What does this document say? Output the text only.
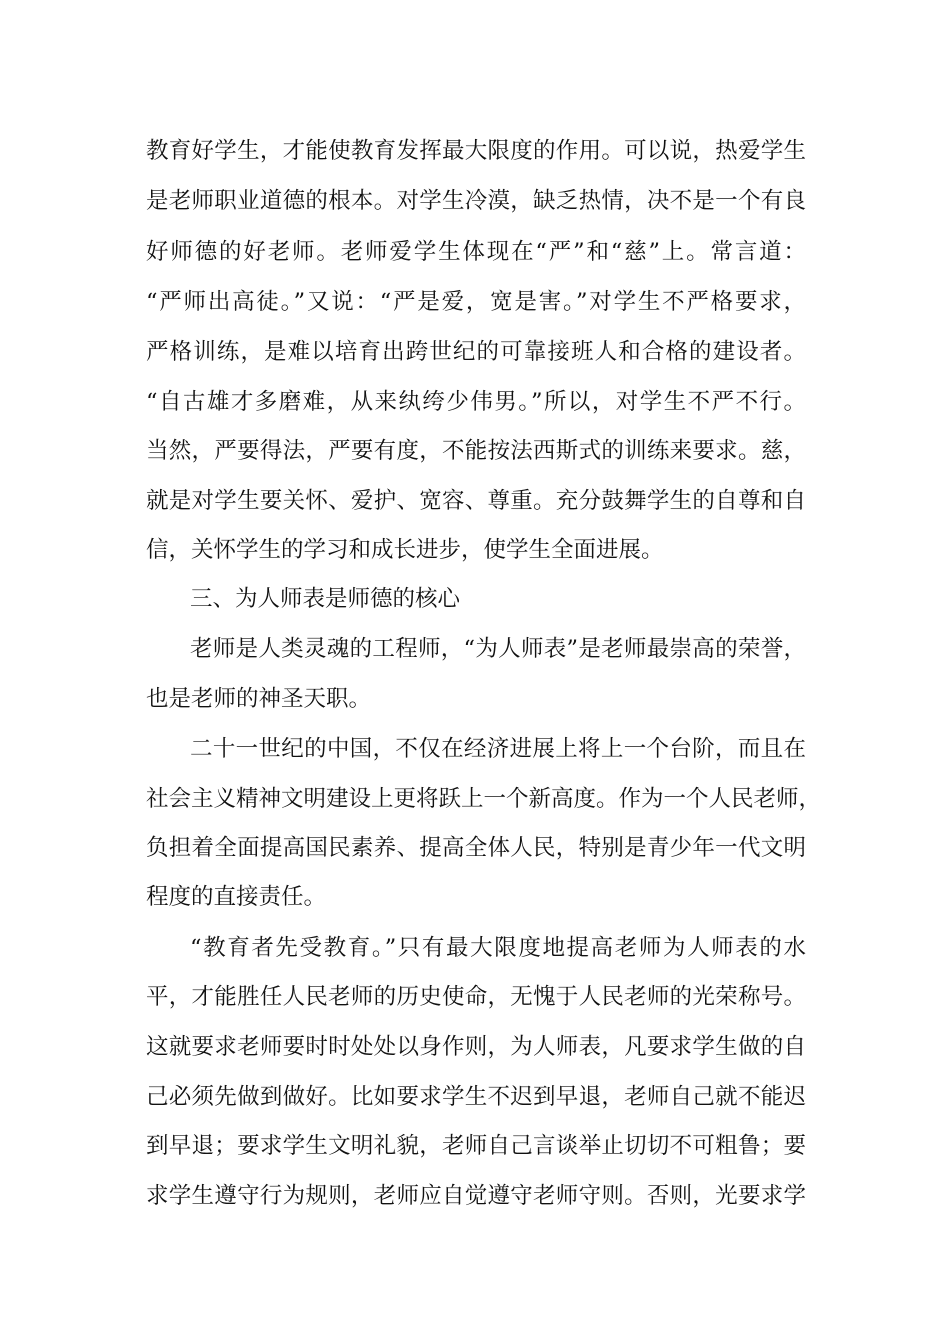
教育好学生，才能使教育发挥最大限度的作用。可以说，热爱学生
是老师职业道德的根本。对学生冷漠，缺乏热情，决不是一个有良
好师德的好老师。老师爱学生体现在“严”和“慈”上。常言道：
“严师出高徒。”又说：“严是爱，宽是害。”对学生不严格要求，
严格训练，是难以培育出跨世纪的可靠接班人和合格的建设者。
“自古雄才多磨难，从来纨绔少伟男。”所以，对学生不严不行。
当然，严要得法，严要有度，不能按法西斯式的训练来要求。慈，
就是对学生要关怀、爱护、宽容、尊重。充分鼓舞学生的自尊和自
信，关怀学生的学习和成长进步，使学生全面进展。
三、为人师表是师德的核心
老师是人类灵魂的工程师，“为人师表”是老师最崇高的荣誉，
也是老师的神圣天职。
二十一世纪的中国，不仅在经济进展上将上一个台阶，而且在
社会主义精神文明建设上更将跃上一个新高度。作为一个人民老师，
负担着全面提高国民素养、提高全体人民，特别是青少年一代文明
程度的直接责任。
“教育者先受教育。”只有最大限度地提高老师为人师表的水
平，才能胜任人民老师的历史使命，无愧于人民老师的光荣称号。
这就要求老师要时时处处以身作则，为人师表，凡要求学生做的自
己必须先做到做好。比如要求学生不迟到早退，老师自己就不能迟
到早退；要求学生文明礼貌，老师自己言谈举止切切不可粗鲁；要
求学生遵守行为规则，老师应自觉遵守老师守则。否则，光要求学
